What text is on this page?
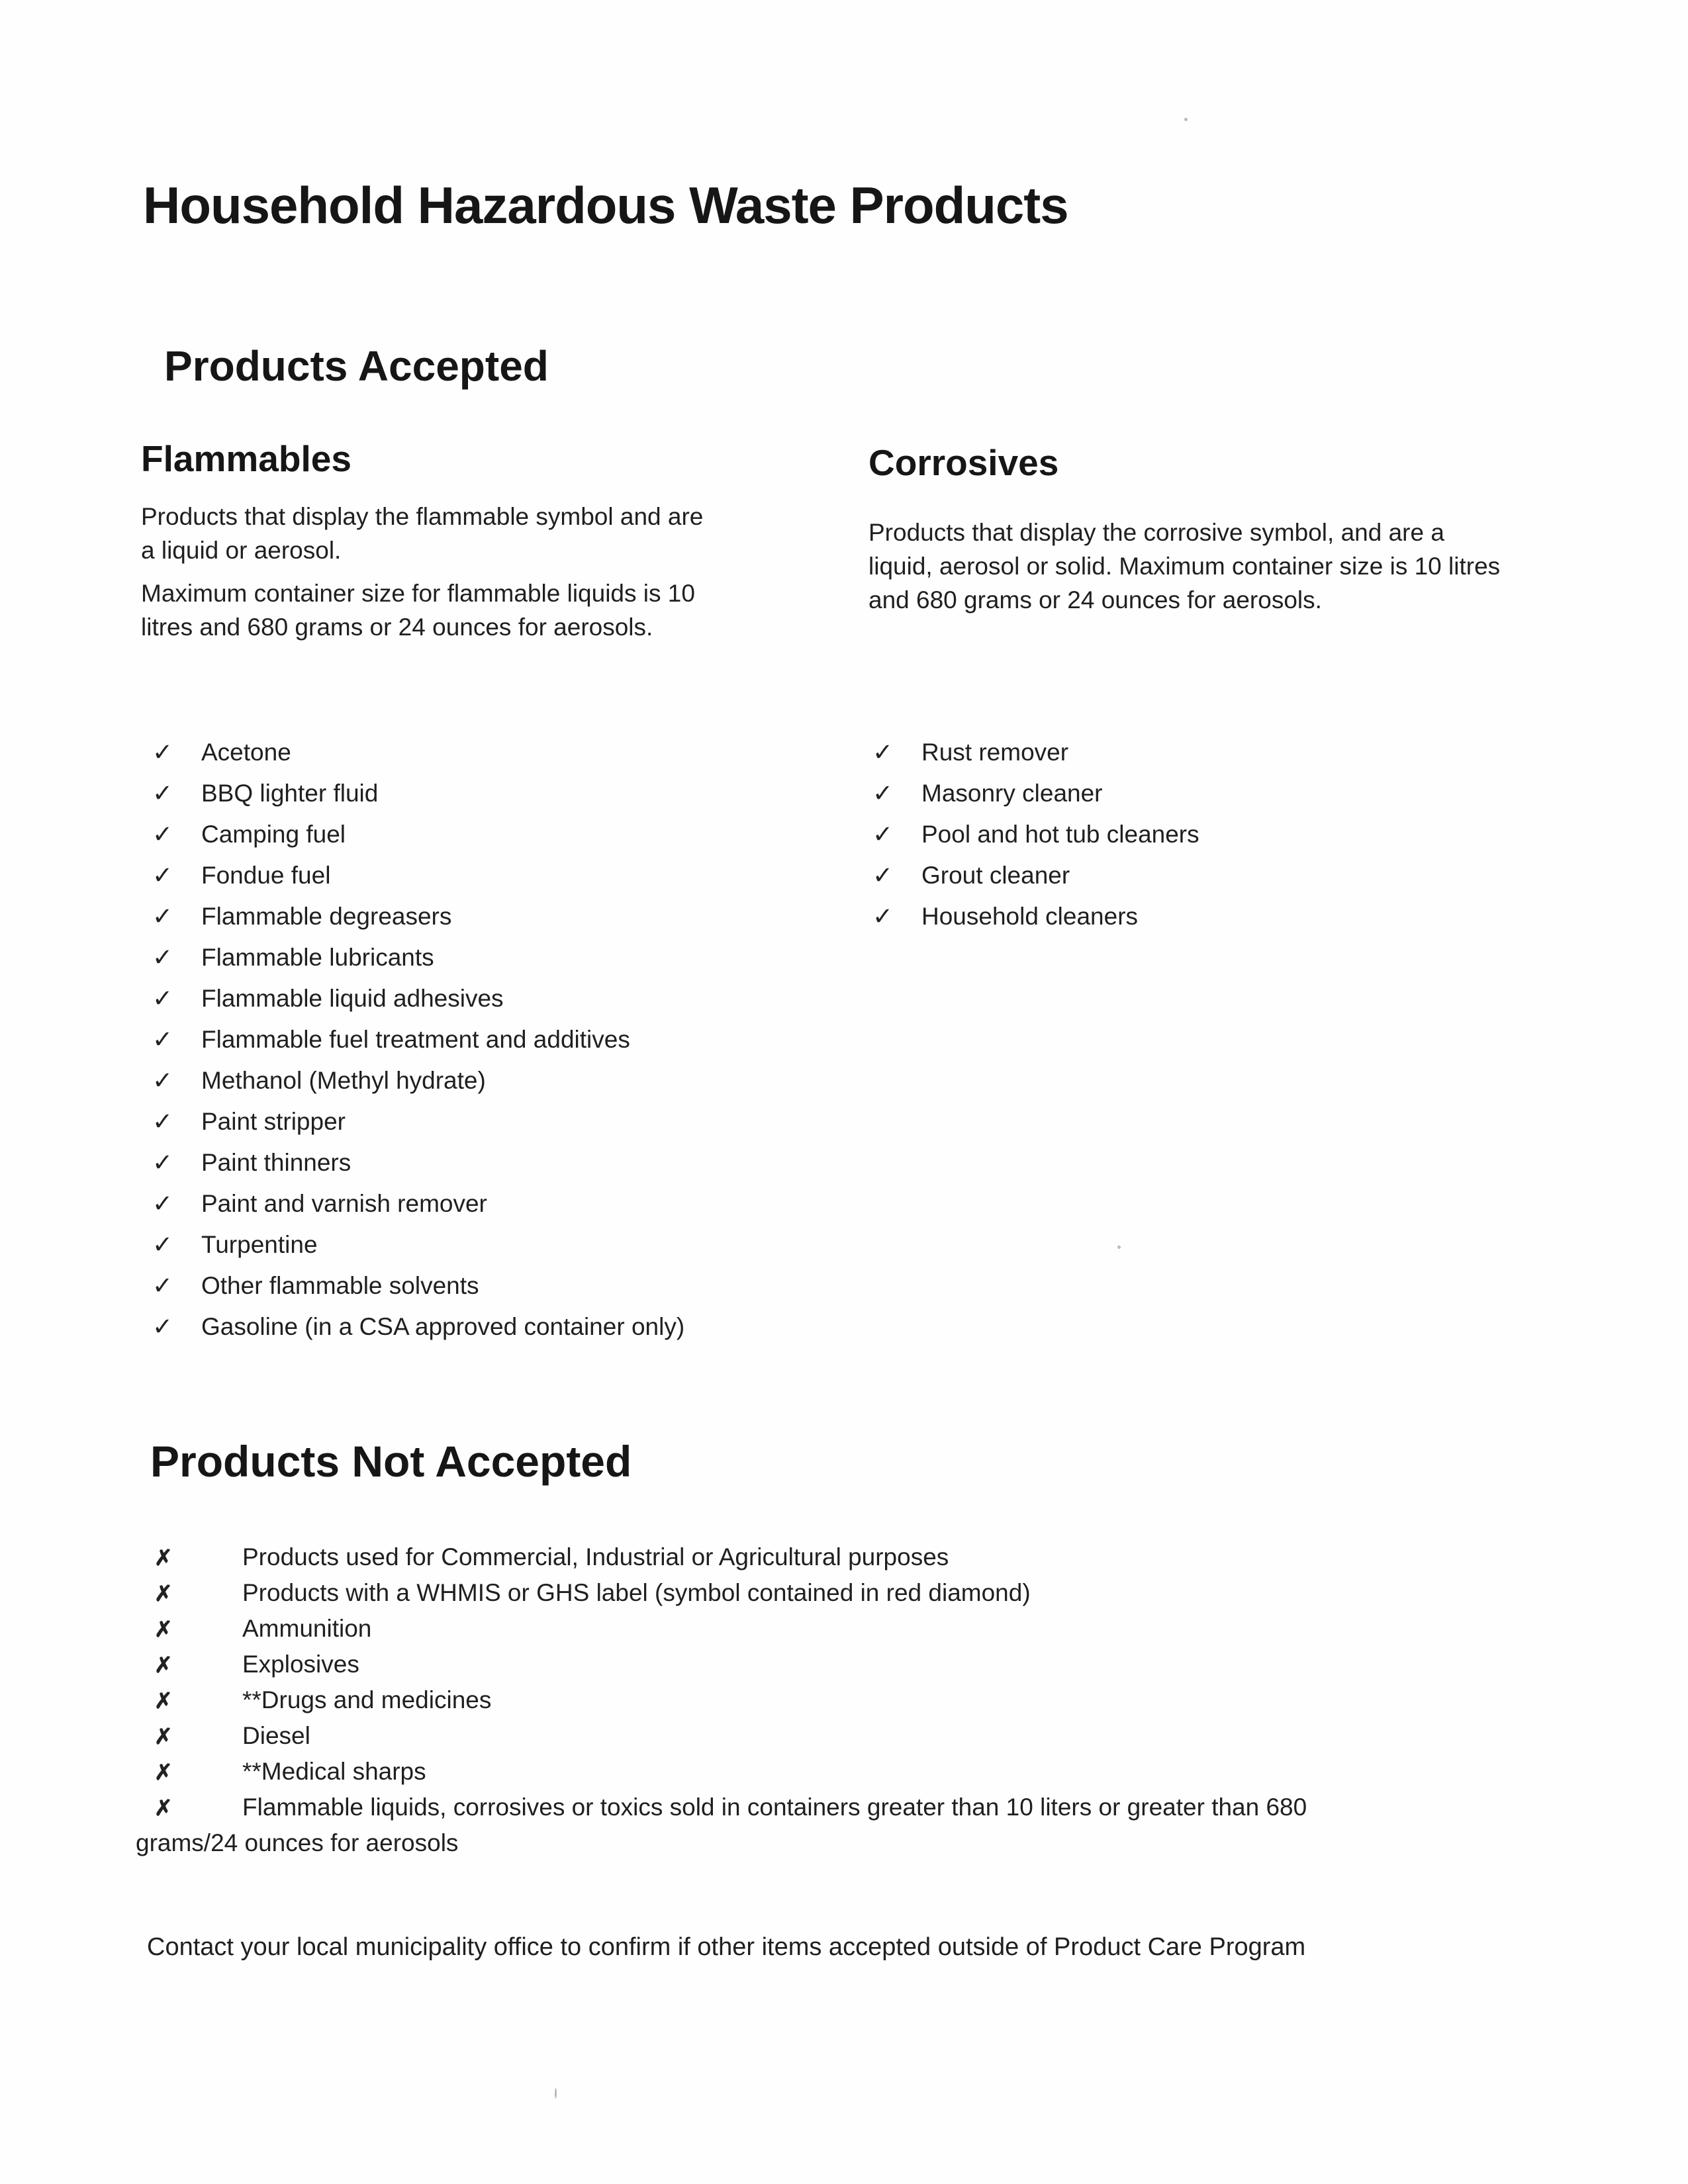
Household Hazardous Waste Products
Products Accepted
Flammables

Products that display the flammable symbol and are a liquid or aerosol.

Maximum container size for flammable liquids is 10 litres and 680 grams or 24 ounces for aerosols.

Corrosives

Products that display the corrosive symbol, and are a liquid, aerosol or solid. Maximum container size is 10 litres and 680 grams or 24 ounces for aerosols.

✓ Acetone
✓ BBQ lighter fluid
✓ Camping fuel
✓ Fondue fuel
✓ Flammable degreasers
✓ Flammable lubricants
✓ Flammable liquid adhesives
✓ Flammable fuel treatment and additives
✓ Methanol (Methyl hydrate)
✓ Paint stripper
✓ Paint thinners
✓ Paint and varnish remover
✓ Turpentine
✓ Other flammable solvents
✓ Gasoline (in a CSA approved container only)
✓ Rust remover
✓ Masonry cleaner
✓ Pool and hot tub cleaners
✓ Grout cleaner
✓ Household cleaners
Products Not Accepted
✗	Products used for Commercial, Industrial or Agricultural purposes
✗	Products with a WHMIS or GHS label (symbol contained in red diamond)
✗	Ammunition
✗	Explosives
✗	**Drugs and medicines
✗	Diesel
✗	**Medical sharps
✗	Flammable liquids, corrosives or toxics sold in containers greater than 10 liters or greater than 680 grams/24 ounces for aerosols

Contact your local municipality office to confirm if other items accepted outside of Product Care Program
